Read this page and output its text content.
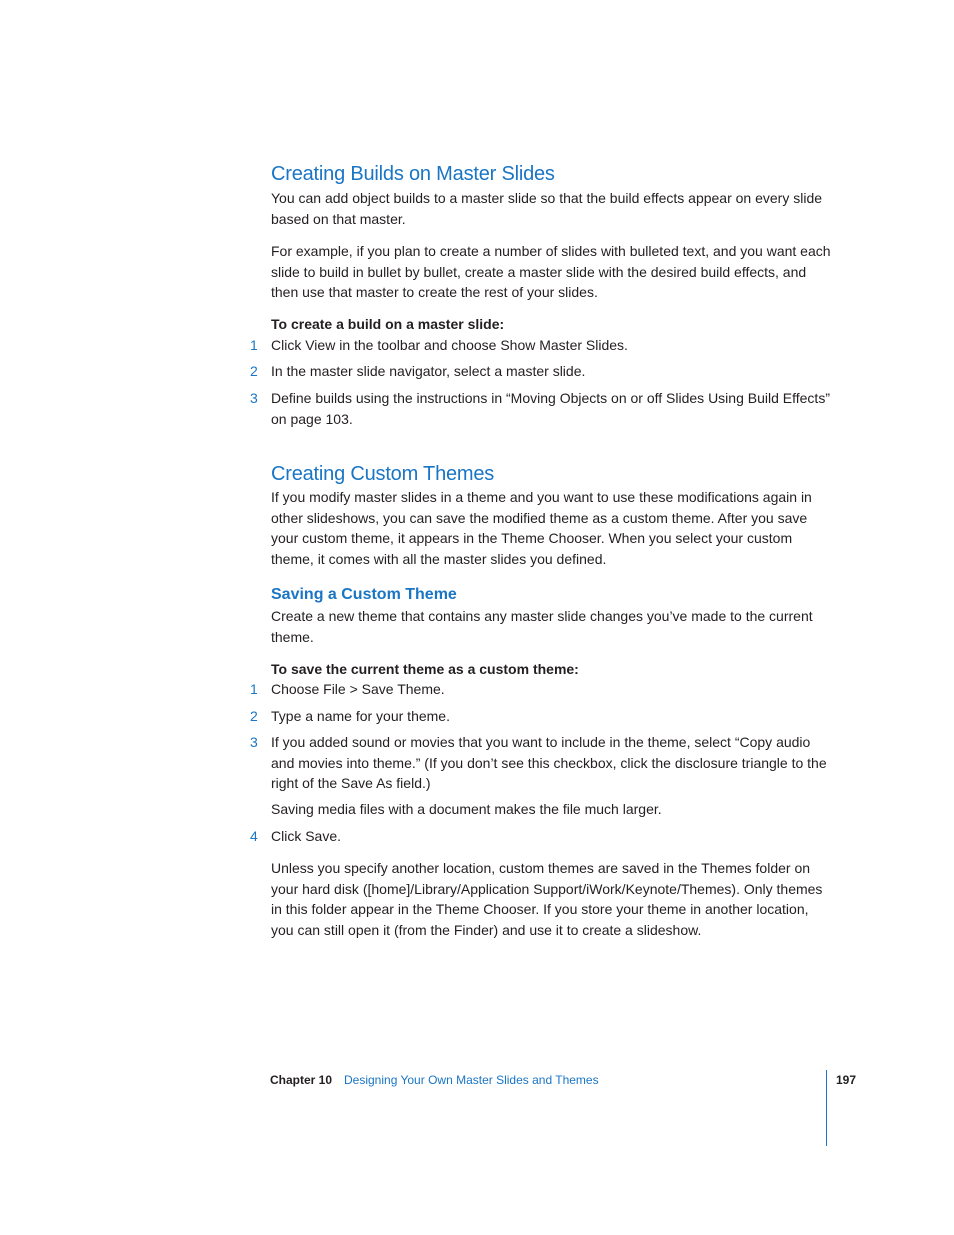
Creating Builds on Master Slides
You can add object builds to a master slide so that the build effects appear on every slide based on that master.
For example, if you plan to create a number of slides with bulleted text, and you want each slide to build in bullet by bullet, create a master slide with the desired build effects, and then use that master to create the rest of your slides.
To create a build on a master slide:
1 Click View in the toolbar and choose Show Master Slides.
2 In the master slide navigator, select a master slide.
3 Define builds using the instructions in “Moving Objects on or off Slides Using Build Effects” on page 103.
Creating Custom Themes
If you modify master slides in a theme and you want to use these modifications again in other slideshows, you can save the modified theme as a custom theme. After you save your custom theme, it appears in the Theme Chooser. When you select your custom theme, it comes with all the master slides you defined.
Saving a Custom Theme
Create a new theme that contains any master slide changes you’ve made to the current theme.
To save the current theme as a custom theme:
1 Choose File > Save Theme.
2 Type a name for your theme.
3 If you added sound or movies that you want to include in the theme, select “Copy audio and movies into theme.” (If you don’t see this checkbox, click the disclosure triangle to the right of the Save As field.)
Saving media files with a document makes the file much larger.
4 Click Save.
Unless you specify another location, custom themes are saved in the Themes folder on your hard disk ([home]/Library/Application Support/iWork/Keynote/Themes). Only themes in this folder appear in the Theme Chooser. If you store your theme in another location, you can still open it (from the Finder) and use it to create a slideshow.
Chapter 10 Designing Your Own Master Slides and Themes	197
